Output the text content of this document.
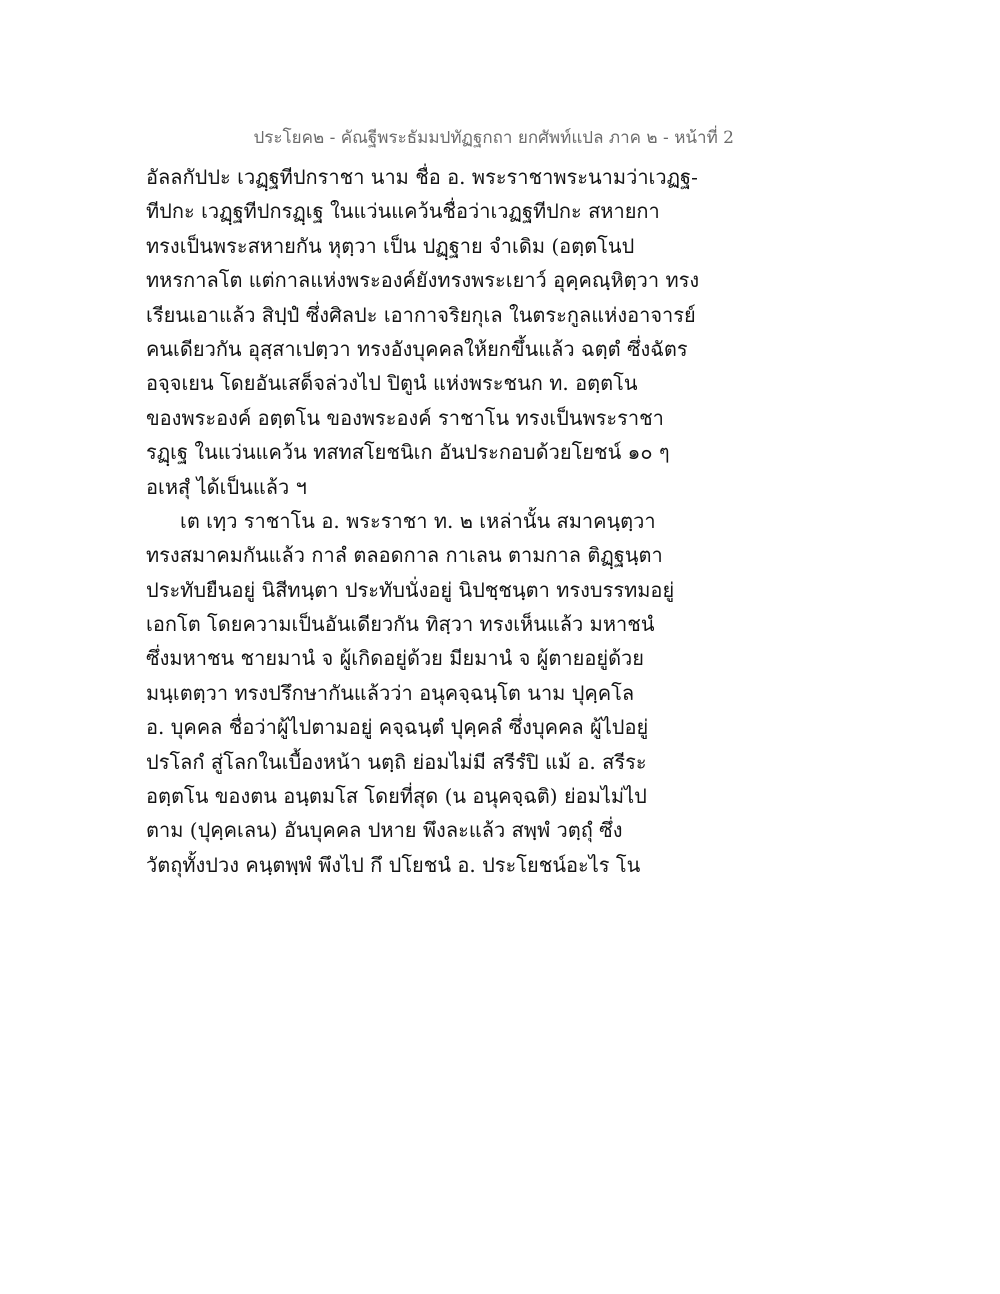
ประโยค๒ - คัณฐีพระธัมมปทัฏฐกถา ยกศัพท์แปล ภาค ๒ - หน้าที่ 2
อัลลกัปปะ เวฏฺฐทีปกราชา นาม ชื่อ อ. พระราชาพระนามว่าเวฏฐ-
ทีปกะ เวฏฺฐทีปกรฏฺเฐ ในแว่นแคว้นชื่อว่าเวฏฐทีปกะ สหายกา
ทรงเป็นพระสหายกัน หุตฺวา เป็น ปฏฺฐาย จำเดิม (อตฺตโนป
ทหรกาลโต แต่กาลแห่งพระองค์ยังทรงพระเยาว์ อุคฺคณฺหิตฺวา ทรง
เรียนเอาแล้ว สิปฺปํ ซึ่งศิลปะ เอากาจริยกุเล ในตระกูลแห่งอาจารย์
คนเดียวกัน อุสฺสาเปตฺวา ทรงอังบุคคลให้ยกขึ้นแล้ว ฉตฺตํ ซึ่งฉัตร
อจฺจเยน โดยอันเสด็จล่วงไป ปิตูนํ แห่งพระชนก ท. อตฺตโน
ของพระองค์ อตฺตโน ของพระองค์ ราชาโน ทรงเป็นพระราชา
รฏฺเฐ ในแว่นแคว้น ทสทสโยชนิเก อันประกอบด้วยโยชน์ ๑๐ ๆ
อเหสุํ ได้เป็นแล้ว ฯ
เต เทฺว ราชาโน อ. พระราชา ท. ๒ เหล่านั้น สมาคนฺตฺวา
ทรงสมาคมกันแล้ว กาลํ ตลอดกาล กาเลน ตามกาล ติฏฺฐนฺตา
ประทับยืนอยู่ นิสีทนฺตา ประทับนั่งอยู่ นิปชฺชนฺตา ทรงบรรทมอยู่
เอกโต โดยความเป็นอันเดียวกัน ทิสฺวา ทรงเห็นแล้ว มหาชนํ
ซึ่งมหาชน ชายมานํ จ ผู้เกิดอยู่ด้วย มียมานํ จ ผู้ตายอยู่ด้วย
มนฺเตตฺวา ทรงปรึกษากันแล้วว่า อนุคจฺฉนฺโต นาม ปุคฺคโล
อ. บุคคล ชื่อว่าผู้ไปตามอยู่ คจฺฉนฺตํ ปุคฺคลํ ซึ่งบุคคล ผู้ไปอยู่
ปรโลกํ สู่โลกในเบื้องหน้า นตฺถิ ย่อมไม่มี สรีรํปิ แม้ อ. สรีระ
อตฺตโน ของตน อนฺตมโส โดยที่สุด (น อนุคจฺฉติ) ย่อมไม่ไป
ตาม (ปุคฺคเลน) อันบุคคล ปหาย พึงละแล้ว สพฺพํ วตฺถุํ ซึ่ง
วัตถุทั้งปวง คนฺตพฺพํ พึงไป กึ ปโยชนํ อ. ประโยชน์อะไร โน
